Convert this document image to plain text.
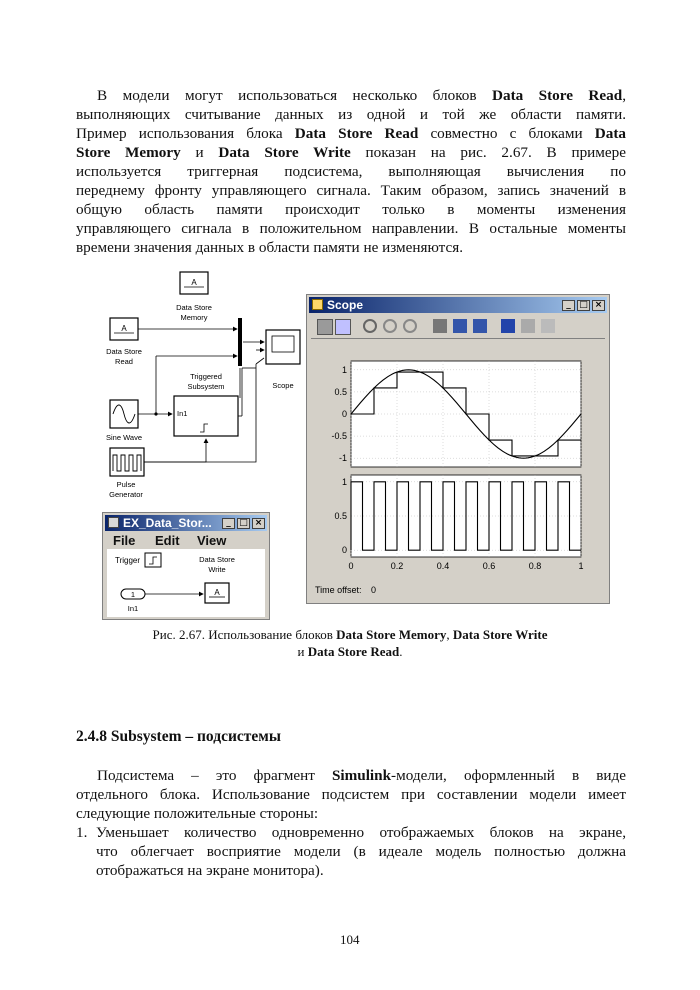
В модели могут использоваться несколько блоков Data Store Read,
выполняющих считывание данных из одной и той же области памяти.
Пример использования блока Data Store Read совместно с блоками Data
Store Memory и Data Store Write показан на рис. 2.67. В примере
используется триггерная подсистема, выполняющая вычисления по
переднему фронту управляющего сигнала. Таким образом, запись значений в
общую область памяти происходит только в моменты изменения
управляющего сигнала в положительном направлении. В остальные моменты
времени значения данных в области памяти не изменяются.
A
Data Store
Memory
A
Data Store
Read
Scope
Triggered
Subsystem
In1
Sine Wave
Pulse
Generator
Scope	_ □ ×
1
0.5
0
-0.5
-1
1
0.5
0
0	0.2	0.4	0.6	0.8	1
Time offset: 0
EX_Data_Stor...	_ □ ×
File Edit View
Trigger	Data Store
Write
A
1
In1
Рис. 2.67. Использование блоков Data Store Memory, Data Store Write
и Data Store Read.
2.4.8 Subsystem – подсистемы
Подсистема – это фрагмент Simulink-модели, оформленный в виде
отдельного блока. Использование подсистем при составлении модели имеет
следующие положительные стороны:
1. Уменьшает количество одновременно отображаемых блоков на экране,
что облегчает восприятие модели (в идеале модель полностью должна
отображаться на экране монитора).
104
